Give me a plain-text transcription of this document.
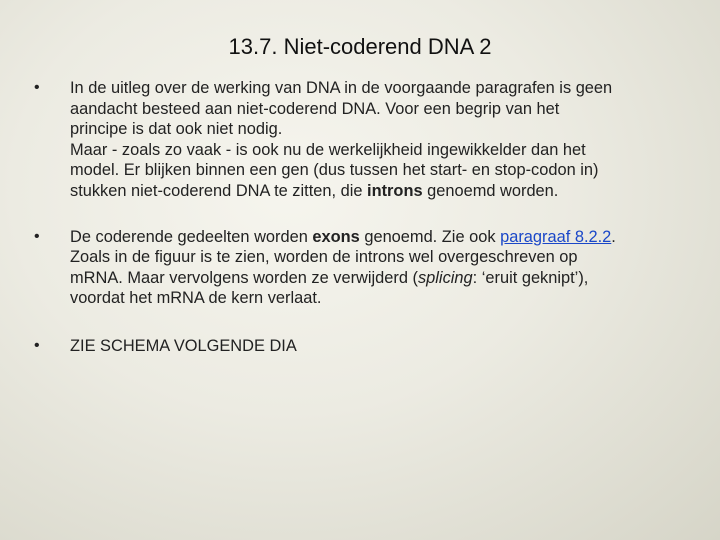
13.7. Niet-coderend DNA 2
• In de uitleg over de werking van DNA in de voorgaande paragrafen is geen
aandacht besteed aan niet-coderend DNA. Voor een begrip van het
principe is dat ook niet nodig.
Maar - zoals zo vaak - is ook nu de werkelijkheid ingewikkelder dan het
model. Er blijken binnen een gen (dus tussen het start- en stop-codon in)
stukken niet-coderend DNA te zitten, die introns genoemd worden.
• De coderende gedeelten worden exons genoemd. Zie ook paragraaf 8.2.2.
Zoals in de figuur is te zien, worden de introns wel overgeschreven op
mRNA. Maar vervolgens worden ze verwijderd (splicing: ‘eruit geknipt’),
voordat het mRNA de kern verlaat.
• ZIE SCHEMA VOLGENDE DIA
